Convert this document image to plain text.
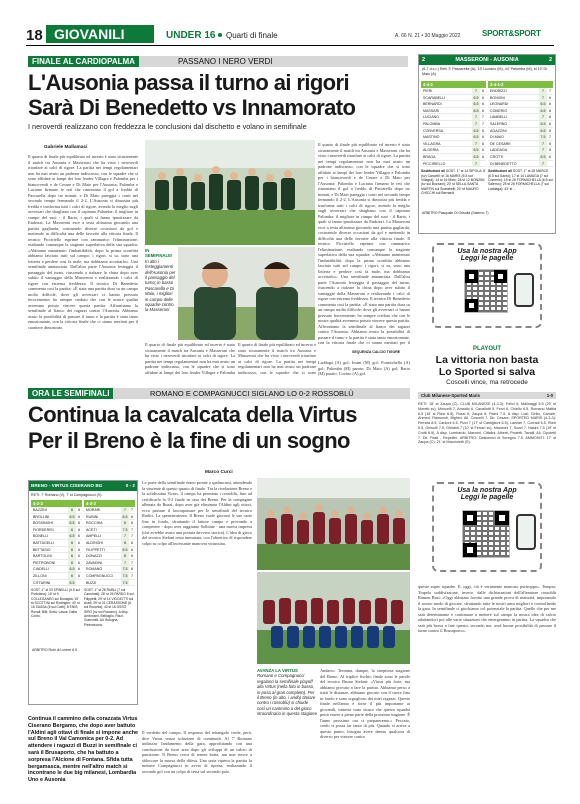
18 GIOVANILI	UNDER 16 Quarti di finale	A. 66 N. 21 • 30 Maggio 2022	SPORT&SPORT
FINALE AL CARDIOPALMA	PASSANO I NERO VERDI
L'Ausonia passa il turno ai rigori
Sarà Di Benedetto vs Innamorato
I neroverdi realizzano con freddezza le conclusioni dal dischetto e volano in semifinale
Gabriele Mallamaci
Il quarto di finale più equilibrato ed incerto è stato sicuramente il match tra Ausonia e Masseroni che ha visto i neroverdi trionfare ai calci di rigore. La partita nei tempi regolamentari non ha mai avuto un padrone indiscusso, con le squadre che si sono affidate ai lampi dei loro leader Villagra e Palomba per i biancoverdi e de Cesare e Di Maio per l'Ausonia; Palomba e Luciano firmano le reti che rimontano il gol a freddo di Pascarella dopo tre minuti, e Di Maio pareggia i conti nel secondo tempo fermando il 2-2. L'Ausonia si dimostra più fredda e trasforma tutti i calci di rigore, avendo la meglio sugli avversari che sbagliano con il capitano Palomba: il migliore in campo del suoi - il Rario, i quali si fanno ipnotizzare da Endrizzi. La Masseroni esce a testa altissima giocando una partita gagliarda, costruendo diverse occasioni da gol e mettendo in difficoltà una delle favorite alla vittoria finale. Il tecnico Picciriello esprime con rammarico l'eliminazione, esaltando comunque la stagione superlativa della sua squadra: «Abbiamo mantenuto l'imbattibilità, dopo la prima sconfitta abbiamo lasciato tutti sul campo: i rigori, si sa, sono una lotteria e perdere così fa male, ma dobbiamo accettarlo». Una semifinale annunciata. Dall'altra parte l'Ausonia festeggia il passaggio del turno, riuscendo a rialzare la china dopo aver subito il vantaggio della Masseroni e realizzando i calci di rigore con estrema freddezza. Il tecnico Di Benedetto commenta così la partita: «È stata una partita dura su un campo molto difficile, dove gli avversari ci hanno pressato ferocemente; ho sempre creduto che con le nostre qualità avremmo potuto vincere questa partita. Affrontiamo la semifinale al fianco dei ragazzi contro l'Ausonia. Abbiamo avuto la possibilità di passare il turno e la partita è stata tanto emozionante, con la vittoria finale che ci siamo meritati per il carattere dimostrato.
IN SEMIFINALE! In alto i festeggiamenti dell'Ausonia per il passaggio del turno; in basso Pascarella e Di Maio, i migliori in campo delle squadre contro la Masseroni
Il quarto di finale più equilibrato ed incerto è stato sicuramente il match tra Ausonia e Masseroni che ha visto i neroverdi trionfare ai calci di rigore. La partita nei tempi regolamentari non ha mai avuto un padrone indiscusso, con le squadre che si sono affidate ai lampi dei loro leader Villagra e Palomba
Il quarto di finale più equilibrato ed incerto è stato sicuramente il match tra Ausonia e Masseroni che ha visto i neroverdi trionfare ai calci di rigore. La partita nei tempi regolamentari non ha mai avuto un padrone indiscusso, con le squadre che si sono
Il quarto di finale più equilibrato ed incerto è stato sicuramente il match tra Ausonia e Masseroni che ha visto i neroverdi trionfare ai calci di rigore. La partita nei tempi regolamentari non ha mai avuto un padrone indiscusso, con le squadre che si sono affidate ai lampi dei loro leader Villagra e Palomba per i biancoverdi e de Cesare e Di Maio per l'Ausonia; Palomba e Luciano firmano le reti che rimontano il gol a freddo di Pascarella dopo tre minuti, e Di Maio pareggia i conti nel secondo tempo fermando il 2-2. L'Ausonia si dimostra più fredda e trasforma tutti i calci di rigore, avendo la meglio sugli avversari che sbagliano con il capitano Palomba: il migliore in campo del suoi - il Rario, i quali si fanno ipnotizzare da Endrizzi. La Masseroni esce a testa altissima giocando una partita gagliarda, costruendo diverse occasioni da gol e mettendo in difficoltà una delle favorite alla vittoria finale. Il tecnico Picciriello esprime con rammarico l'eliminazione, esaltando comunque la stagione superlativa della sua squadra: «Abbiamo mantenuto l'imbattibilità, dopo la prima sconfitta abbiamo lasciato tutti sul campo: i rigori, si sa, sono una lotteria e perdere così fa male, ma dobbiamo accettarlo». Una semifinale annunciata. Dall'altra parte l'Ausonia festeggia il passaggio del turno, riuscendo a rialzare la china dopo aver subito il vantaggio della Masseroni e realizzando i calci di rigore con estrema freddezza. Il tecnico Di Benedetto commenta così la partita: «È stata una partita dura su un campo molto difficile, dove gli avversari ci hanno pressato ferocemente; ho sempre creduto che con le nostre qualità avremmo potuto vincere questa partita. Affrontiamo la semifinale al fianco dei ragazzi contro l'Ausonia. Abbiamo avuto la possibilità di passare il turno e la partita è stata tanto emozionante, con la vittoria finale che ci siamo meritati per il
SEQUENZA CALCIO TIGORE
Laddaga (A) gol; Imini (M) gol; Formichella (A) gol; Palomba (M) parato; Di Maio (A) gol; Rario (M) parato; Covino (A) gol.
2	MASSERONI - AUSONIA	2
(6-7 d.c.r.) Reti: 3' Pascarella (A), 15' Luciano (M), 44' Palomba (M), st 10' Di Maio (A)
4-4-2
PIERI	7	6
SCARABELLI	6.5 6
BERNARDI	6.5 6
MASSARI	6.5 6
LUCIANO	7	7
PALOMBA	7	7
CONVERSA	6.5 6
MASTINO	6.5 6
VILLAGRA	7	6
ALGERIA	6.5 6
BRAGA	6.5 6
PICCIRIELLO	7
3-4-1-2
ENDRIZZI	7	7
BONVINI	7	6
LEONARDI	6.5 6
COMERIO	6.5 6
LAMBELLI	7	6
SALERNO	6.5 6
AGAZZINI	6.5 6
DI MAIO	7.5 7
DE CESARE	7	6
LADDAGA	7	6
CROTTI	6.5 6
DI BENEDETTO	7
Sostituzioni all SOST. 1° st 14 SIPOLA; 8 (sv) Cancelli; st 16 MARIS (6.5 sul Villagra); 14 st 16 Mirto; 28 st 12 BONZINI (sv sul Bozzani); 20' st SELLA SANTA MARTIN sul Scarabelli; 20' st MAURO CHICCHI sul Bernardi
Sostituzioni all SOST. 1° st 28 MARCE (6.5 sul Santo); 17 st 14 LAMAGA (7 sul Comerio); 19 st 26 FORMICHELLA (6.5 sul Salerno); 25 st 26 FORMICHELLA (7 sul Laddaga); 43' st ...
ARBITRO Pasquale Di Grisolia (Salerno 7)
Usa la nostra App
Leggi le pagelle
PLAYOUT
La vittoria non basta
Lo Sported si salva
Coscelli vince, ma retrocede
Club Milanese-Sported Maris	1-0
RETI: 18' st Zaupa (C). CLUB MILANESE (4-3-3): Felici 6, Malinaggi 6.5 (29' st Moretti sv), Moncelli 7, Amadio 6, Cavallotti 5, Ferzi 6, Chiello 6.5, Romano Mattia 6.5 (16' st Rizzi 6.5), Rossi 6, Zaupa 8, Palmi 7.5. A disp. Losi, Cirillo, Carrale, Ahmed, Raimondi, Bighini. All. Coscelli 7. Dir. Cesare. SPORTED MARIS (4-3-3): Ferrara 8.5, Cantoni 6.5, Pizzi 7 (17' st Castiglioni 6.5), Lazzari 7, Corradi 6.5, Rizzi 6.5, Ghisolfi 7.5, Ghiraldi 7 (10' st Ferrari sv), Maccioni 7, Sozzi 7, Nasini 7.5 (19' st Crotti 6.5). A disp. Lombardo, Marzoni, Cittalini, Alberti, Protetti, Tavalli. All. Cipoletti 7. Dir. Pasti - Repellini. ARBITRO: Dasicenici di Seregno 7.5. AMMONITI: 17' st Zaupa (C), 21' st Maccioletti (S).
ORA LE SEMIFINALI	ROMANO E COMPAGNUCCI SIGLANO LO 0-2 ROSSOBLÙ
Continua la cavalcata della Virtus
Per il Breno è la fine di un sogno
BRENO - VIRTUS CISERANO BG	0 - 2
RETI: 7' Romano (V), 7' st Compagnucci (V).
4-2-3
BAZZINI	6	6
BROLLINI	6.5 6
BOSSINGHI	6.5 6
FIORDERISI	6	6
BONELLI	6.5 6
BATTAGELLI	6	6
BETTASIO	6	6
BARTOLINI	6	6
PIETROBONI	6	6
CIADELLI	6.5 6
ZILLONI	6	6
CITTARINI	6.5
4-3-3
MORARI	7	7
RUBINI	6.5 6
ROCCHIA	6	6
ACETI	7.5 7
AMPELLI	7	7
ALDRIGHI	6	6
FILIPPETTI	6.5 6
DONAZZI	6	6
ZAVADINI	7	7
ROMANO	7.5 8
COMPAGNUCCI	7.5 7
BUZZI	7.5
SOST. 1° st 33 SPINELLI (6.5 sul Portolano); 16' st 9 COLLEGANEO sul Bonaglia; 15' st SCOTTINI sul Rodinghe; 40' st 16 SUASA (6 sul Coeli); 8 ENIS; Rocali; Billi; Sortu; Lascà; Dalla Conto.
SOST. 1° st 28 RUBLI (7 sul Carminati); 28' st 26 PARDO 6 sul Filippetti; 29' st 14 VIGGIOTTI sul Aceti; 39' st 31 CERASSONE (6 sul Rocchia); 43 st 16 OSSO SIRO (sv sul Romano). A disp. Ambrosini, Bellioglio, Rizzi, Guerciotti. All. Bologna, Pietrobuona.
ARBITRO Rubi di Lovere 6.5
Continua il cammino della corazzata Virtus Ciserano Bergamo, che dopo aver battuto l'Aldini agli ottavi di finale si impone anche sul Breno il Val Camonica per 0-2. Ad attendere i ragazzi di Buzzi in semifinale ci sarà il Brusaporto, che ha battuto a sorpresa l'Alcione di Fontana. Sfida tutta bergamasca, mentre nell'altro match si incontrano le due big milanesi, Lombardia Uno e Ausonia
Marco Curci
Le porte della semifinale erano pronte a spalancarsi, attendendo la vincente di questo quarto di finale. Tra la rivelazione Breno e la solidissima Virtus, il campo ha premiato i rossoblù, fino ad certificarlo lo 0-2 finale in casa dei Breno. Per la compagine allenata da Buzzi, dopo aver già eliminato l'Aldini agli ottavi, ecco passare il lasciapassare per le semifinali del tecnico Radici. La spensieratezza. Il Breno vuole giocarsi le sue carte fino in fondo, sfruttando il fattore campo e provando a competere - dopo aver raggiunto Solbiate - una nuova impresa (che avrebbe avuto una portata davvero storica). L'idea di gioco del tecnico Stefani resta immutata, con l'obiettivo di rispondere colpo su colpo all'incessante manovra virtussina.
Il verdetto del campo. Il responso del rettangolo verde, però, dice Virtus senza soluzione di continuità. Al 7' Romano indirizza l'andamento della gara, approfittando con una conclusione da fuori area dopo gli sviluppi di un calcio di punizione. Il Breno cerca di tenere botta, ma non riesce a sbloccare la morsa della difesa. Una seria ripresa la partita fa mettere Compagnucci in avvio di ripresa, realizzando il secondo gol con un colpo di testa sul secondo palo.
AVANZA LA VIRTUS
Romano e Compagnucci regalano la semifinale playoff alla Virtus (nella foto in basso, in posa al gran completo). Per il Breno (in alto, i andò) titolare contro i rossoblù) si chiude così un cammino a del gioco straordinario in questa stagione
Andacio. Termina, dunque, la strepitosa stagione del Breno. Al triplice fischio finale sono le parole del tecnico Bruno Stefani: «Virtus più forte, ma abbiamo provato a fare la partita. Abbiamo perso a tratti le distanze, abbiamo giocato con il cuore fino in fondo e sono orgoglioso dei miei ragazzi. Questo finale nell'anno è forse il più importante ai giovanili, tuttavia sono sicuro che questa squadra potrà essere a pieno parte della prossima stagione. È l'anno prossimo ora ci prepareremo.» Peccato, credo si possa far tanto di più. Quando si arriva a questo punto, bisogna avere dentro qualcosa di diverso per vincere contro
Usa la nostra App
Leggi le pagelle
queste super squadre. E, oggi, ciò è veramente mancato purtroppo». Tempra. Trapela soddisfazione, invece, dalle dichiarazioni dell'allenatore rossoblù Ramon Busi: «Oggi abbiamo fornito una grande prova di maturità, imponendo il nostro modo di giocare, sfruttando tutte le nostri armi migliori e controllando la gara. In semifinale ci giochiamo col potenziale la partita. Quello che per me sarà determinante è continuare a mettere sul campo la nostra idea di calcio adattandoci poi alle varie situazioni che emergeranno in partita. La squadra che sarà più brava a fare questo, secondo me, avrà buone possibilità di passare il turno contro il Brusaporto».
